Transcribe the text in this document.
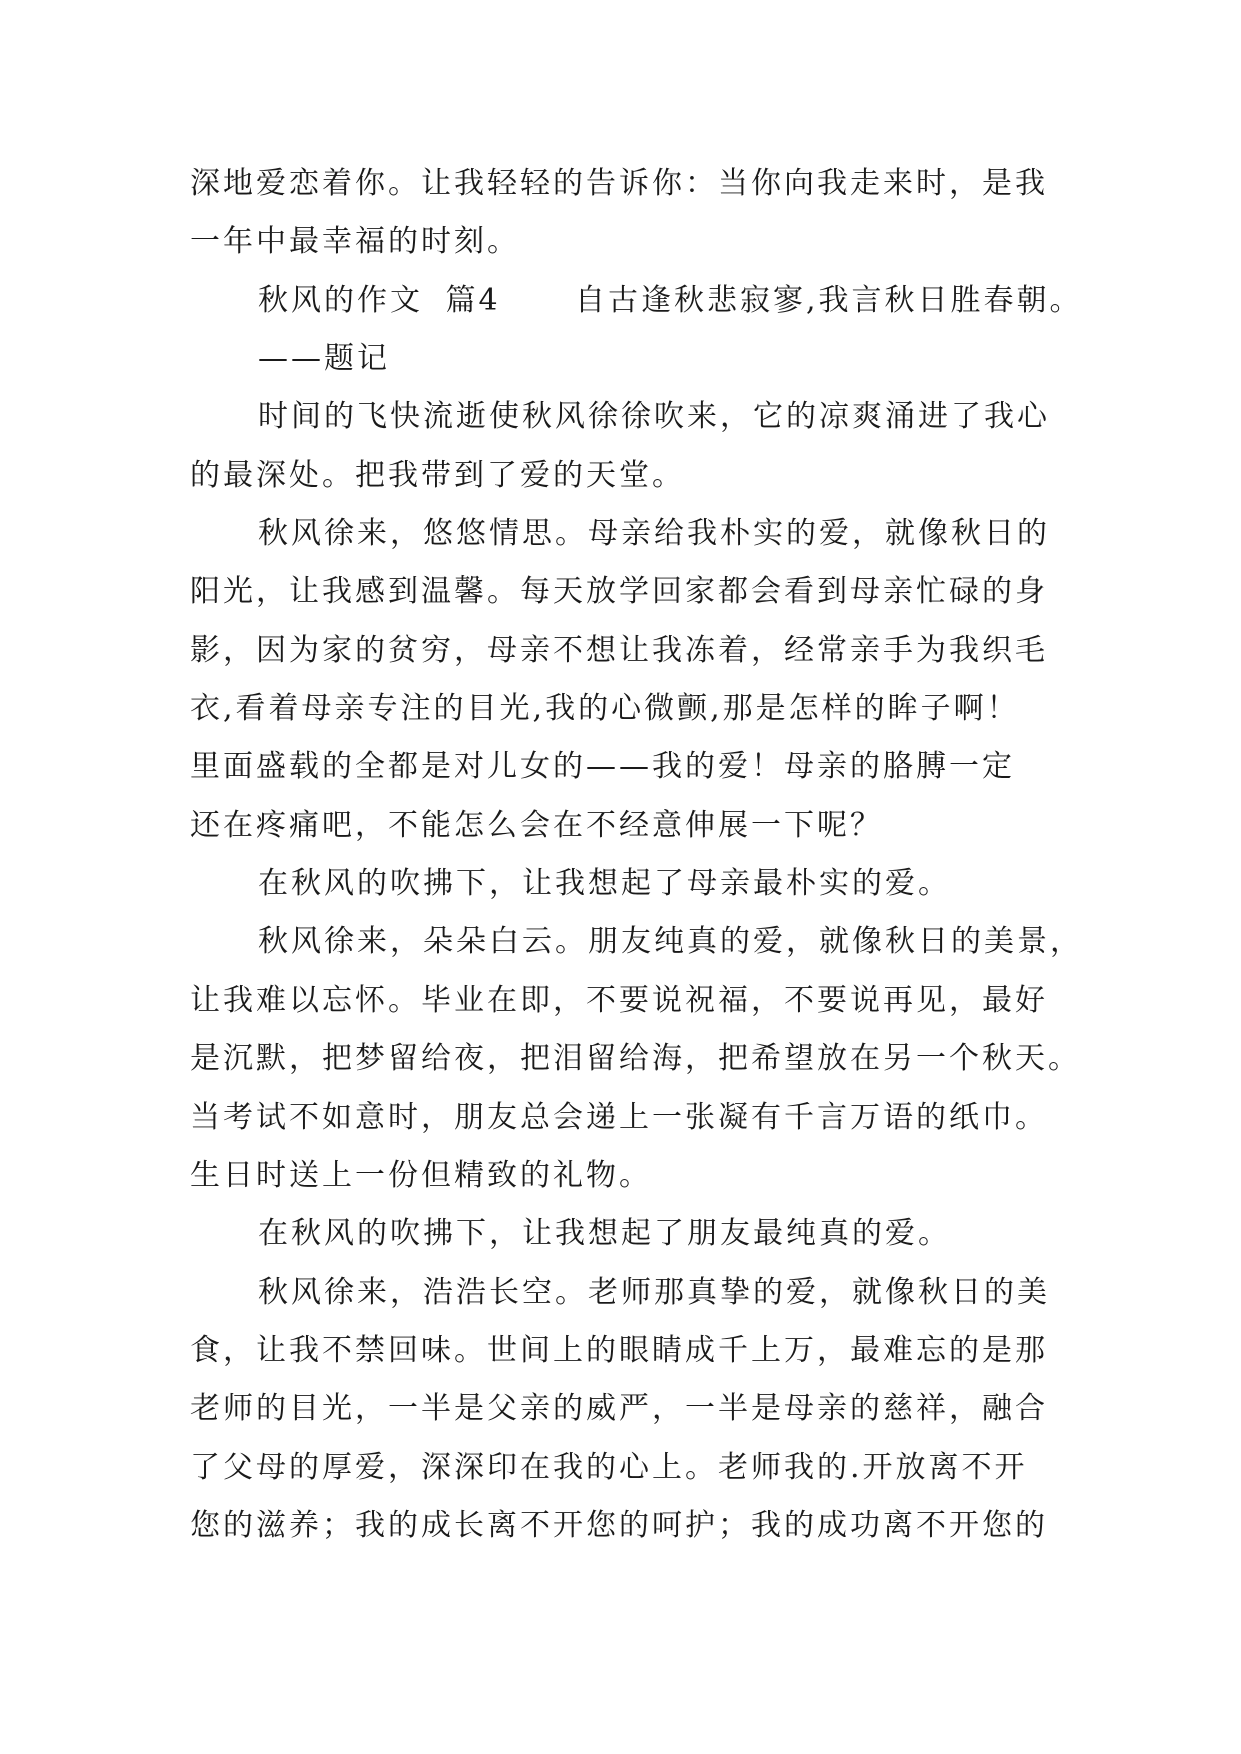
深地爱恋着你。让我轻轻的告诉你：当你向我走来时，是我
一年中最幸福的时刻。
秋风的作文 篇4 自古逢秋悲寂寥,我言秋日胜春朝。
——题记
时间的飞快流逝使秋风徐徐吹来，它的凉爽涌进了我心
的最深处。把我带到了爱的天堂。
秋风徐来，悠悠情思。母亲给我朴实的爱，就像秋日的
阳光，让我感到温馨。每天放学回家都会看到母亲忙碌的身
影，因为家的贫穷，母亲不想让我冻着，经常亲手为我织毛
衣,看着母亲专注的目光,我的心微颤,那是怎样的眸子啊！
里面盛载的全都是对儿女的——我的爱！母亲的胳膊一定
还在疼痛吧，不能怎么会在不经意伸展一下呢？
在秋风的吹拂下，让我想起了母亲最朴实的爱。
秋风徐来，朵朵白云。朋友纯真的爱，就像秋日的美景，
让我难以忘怀。毕业在即，不要说祝福，不要说再见，最好
是沉默，把梦留给夜，把泪留给海，把希望放在另一个秋天。
当考试不如意时，朋友总会递上一张凝有千言万语的纸巾。
生日时送上一份但精致的礼物。
在秋风的吹拂下，让我想起了朋友最纯真的爱。
秋风徐来，浩浩长空。老师那真挚的爱，就像秋日的美
食，让我不禁回味。世间上的眼睛成千上万，最难忘的是那
老师的目光，一半是父亲的威严，一半是母亲的慈祥，融合
了父母的厚爱，深深印在我的心上。老师我的.开放离不开
您的滋养；我的成长离不开您的呵护；我的成功离不开您的
